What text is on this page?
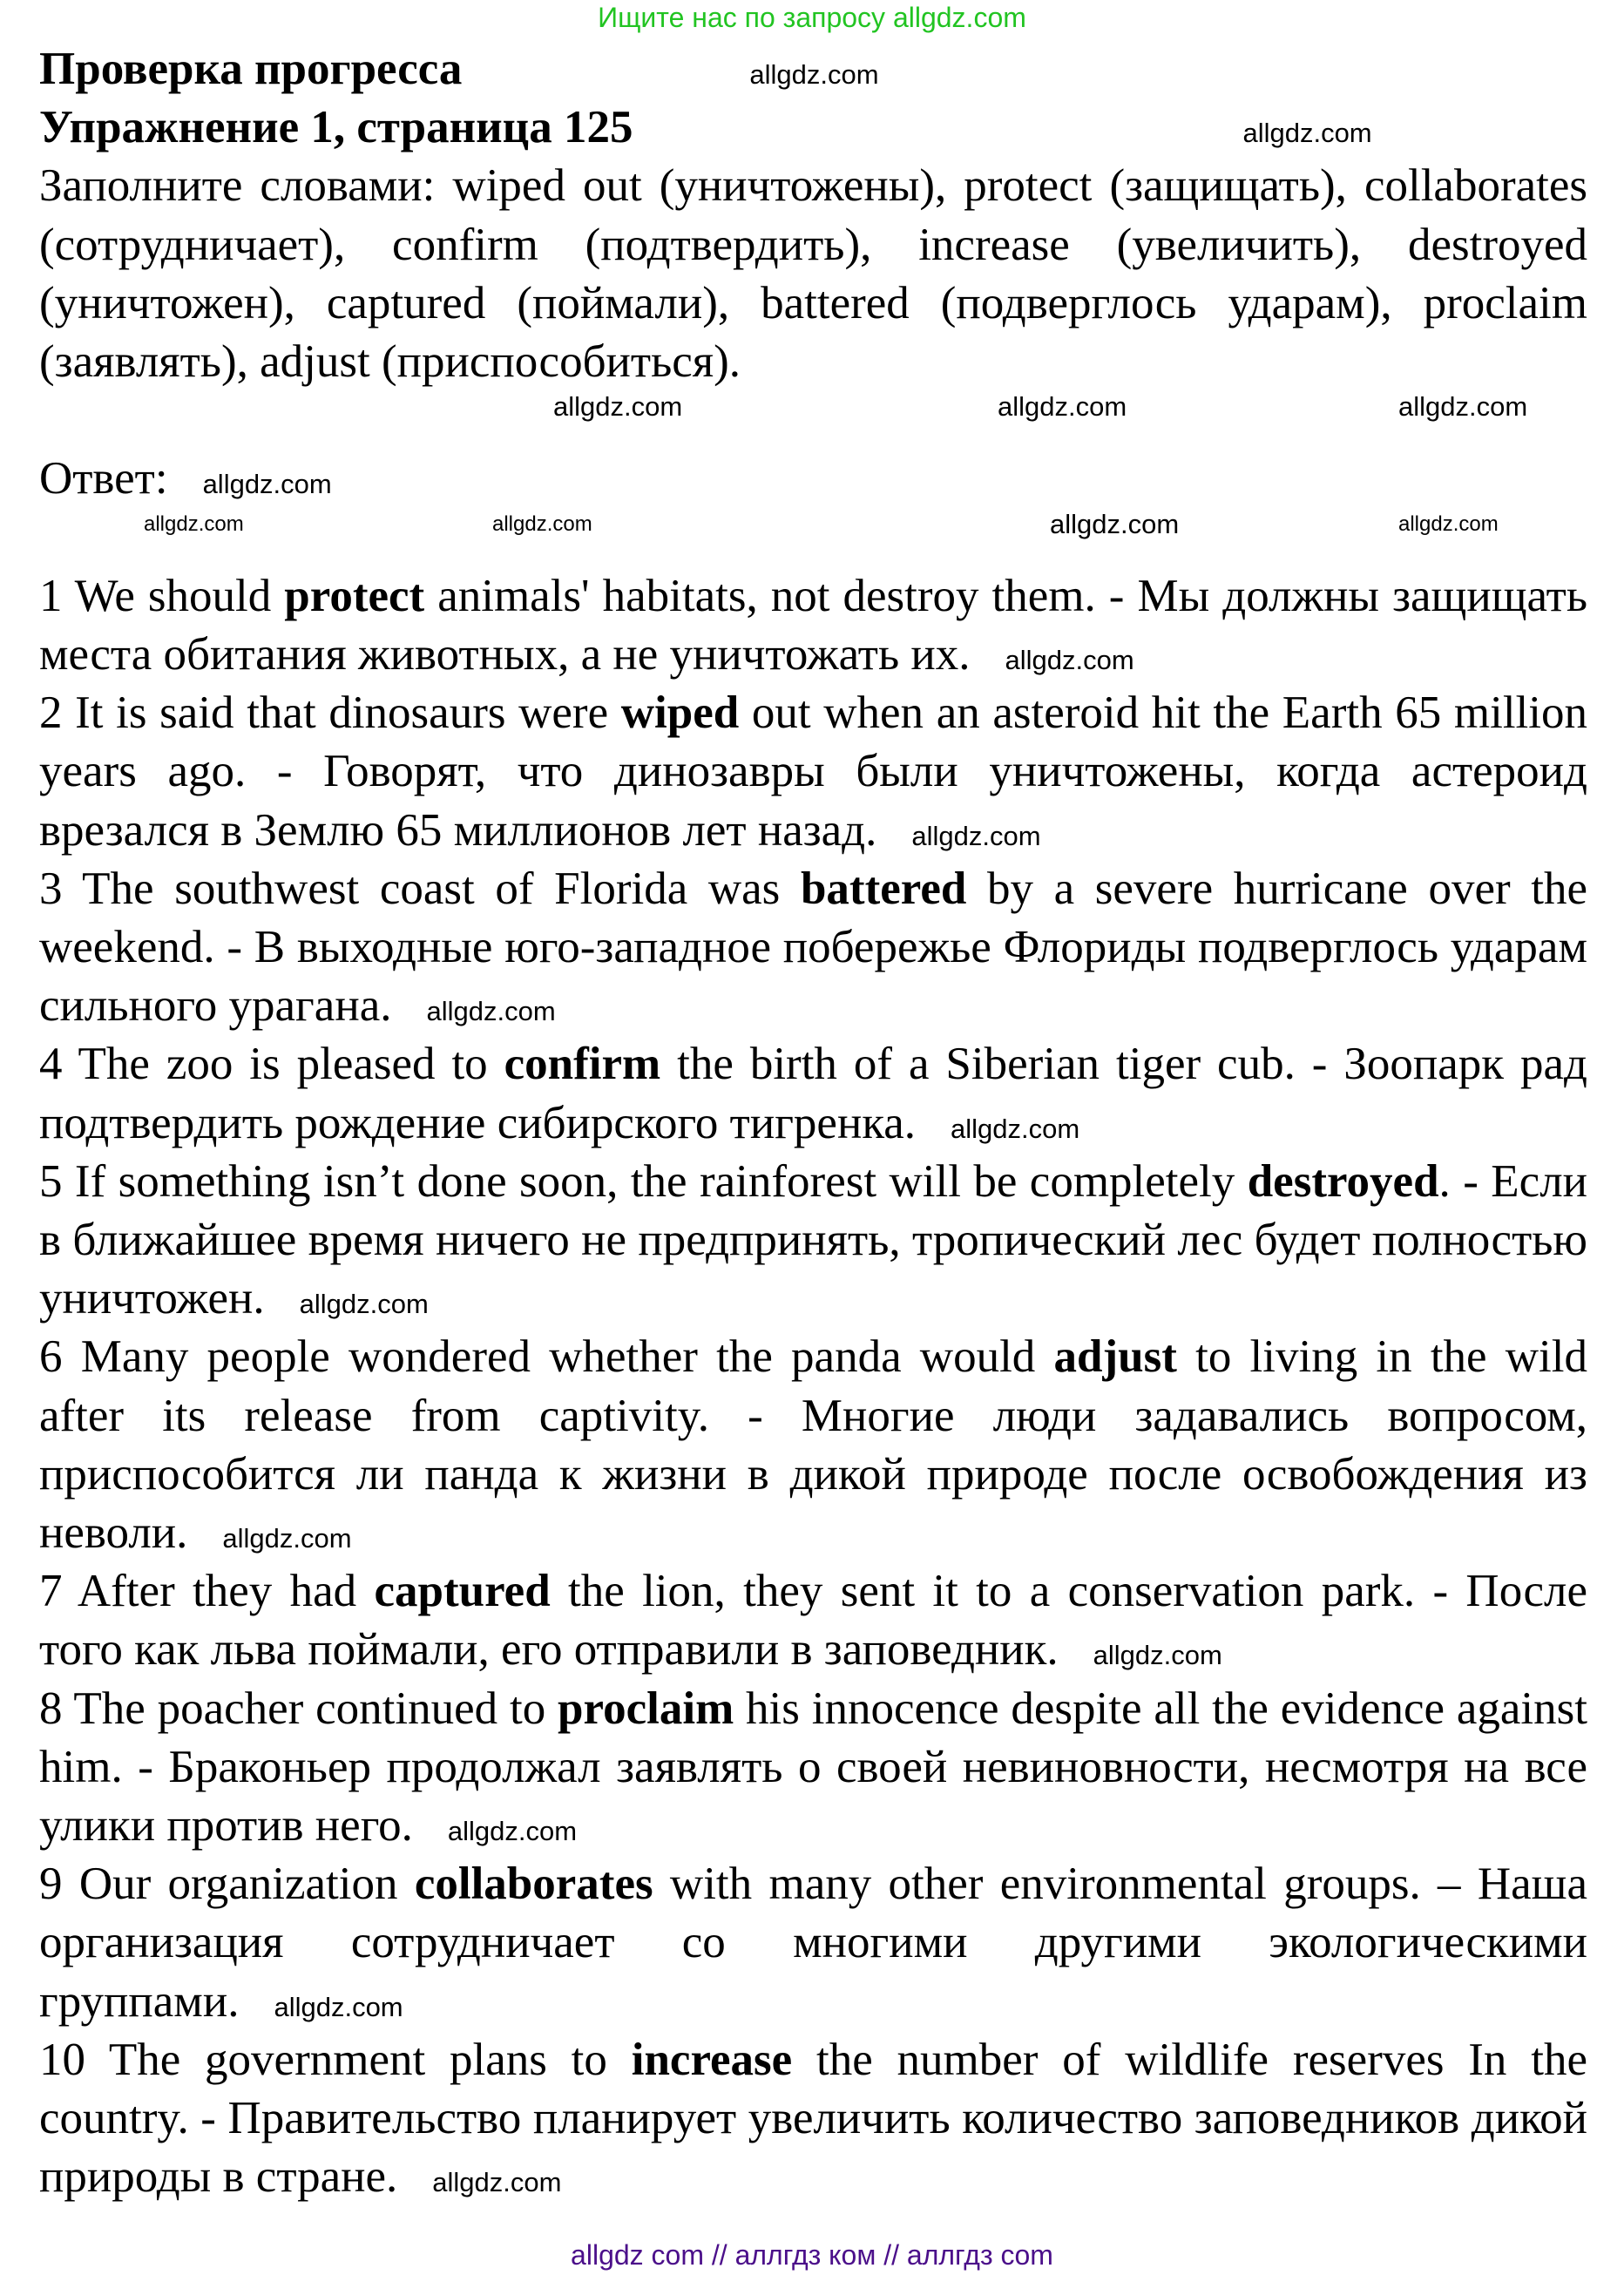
Ищите нас по запросу allgdz.com
Проверка прогресса	allgdz.com
Упражнение 1, страница 125	allgdz.com

Заполните словами: wiped out (уничтожены), protect (защищать), collaborates (сотрудничает), confirm (подтвердить), increase (увеличить), destroyed (уничтожен), captured (поймали), battered (подверглось ударам), proclaim (заявлять), adjust (приспособиться).

allgdz.com	allgdz.com	allgdz.com

Ответ: allgdz.com

allgdz.com	allgdz.com	allgdz.com	allgdz.com

1 We should protect animals' habitats, not destroy them. - Мы должны защищать места обитания животных, а не уничтожать их. allgdz.com

2 It is said that dinosaurs were wiped out when an asteroid hit the Earth 65 million years ago. - Говорят, что динозавры были уничтожены, когда астероид врезался в Землю 65 миллионов лет назад. allgdz.com

3 The southwest coast of Florida was battered by a severe hurricane over the weekend. - В выходные юго-западное побережье Флориды подверглось ударам сильного урагана. allgdz.com

4 The zoo is pleased to confirm the birth of a Siberian tiger cub. - Зоопарк рад подтвердить рождение сибирского тигренка. allgdz.com

5 If something isn’t done soon, the rainforest will be completely destroyed. - Если в ближайшее время ничего не предпринять, тропический лес будет полностью уничтожен. allgdz.com

6 Many people wondered whether the panda would adjust to living in the wild after its release from captivity. - Многие люди задавались вопросом, приспособится ли панда к жизни в дикой природе после освобождения из неволи. allgdz.com

7 After they had captured the lion, they sent it to a conservation park. - После того как льва поймали, его отправили в заповедник. allgdz.com

8 The poacher continued to proclaim his innocence despite all the evidence against him. - Браконьер продолжал заявлять о своей невиновности, несмотря на все улики против него. allgdz.com

9 Our organization collaborates with many other environmental groups. – Наша организация сотрудничает со многими другими экологическими группами. allgdz.com

10 The government plans to increase the number of wildlife reserves In the country. - Правительство планирует увеличить количество заповедников дикой природы в стране. allgdz.com

allgdz com // аллгдз ком // аллгдз com
